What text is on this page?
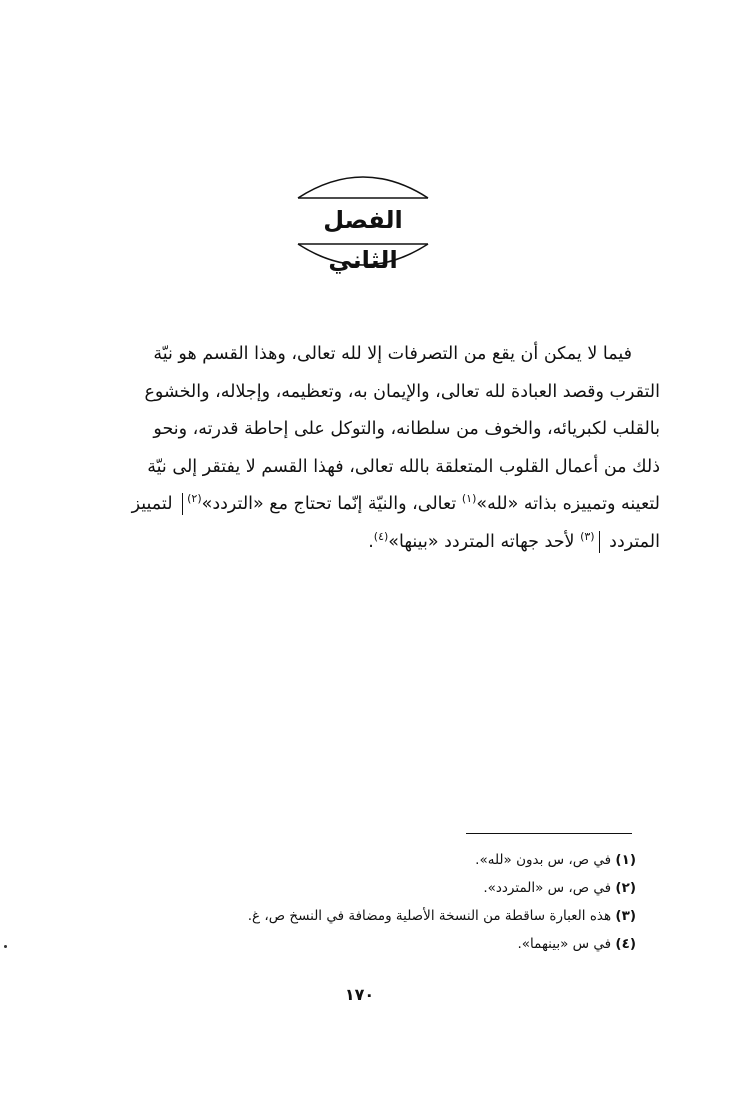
الفصل الثاني

فيما لا يمكن أن يقع من التصرفات إلا لله تعالى، وهذا القسم هو نيّة

التقرب وقصد العبادة لله تعالى، والإيمان به، وتعظيمه، وإجلاله، والخشوع
بالقلب لكبريائه، والخوف من سلطانه، والتوكل على إحاطة قدرته، ونحو
ذلك من أعمال القلوب المتعلقة بالله تعالى، فهذا القسم لا يفتقر إلى نيّة
لتعينه وتمييزه بذاته «لله»$^{(١)}$ تعالى، والنيّة إنّما تحتاج مع «التردد»$^{(٢)}$ لتمييز
المتردد $^{(٣)}$ لأحد جهاته المتردد «بينها»$^{(٤)}$.
(١) في ص، س بدون «لله».
(٢) في ص، س «المتردد».
(٣) هذه العبارة ساقطة من النسخة الأصلية ومضافة في النسخ ص، غ.
(٤) في س «بينهما».
١٧٠
